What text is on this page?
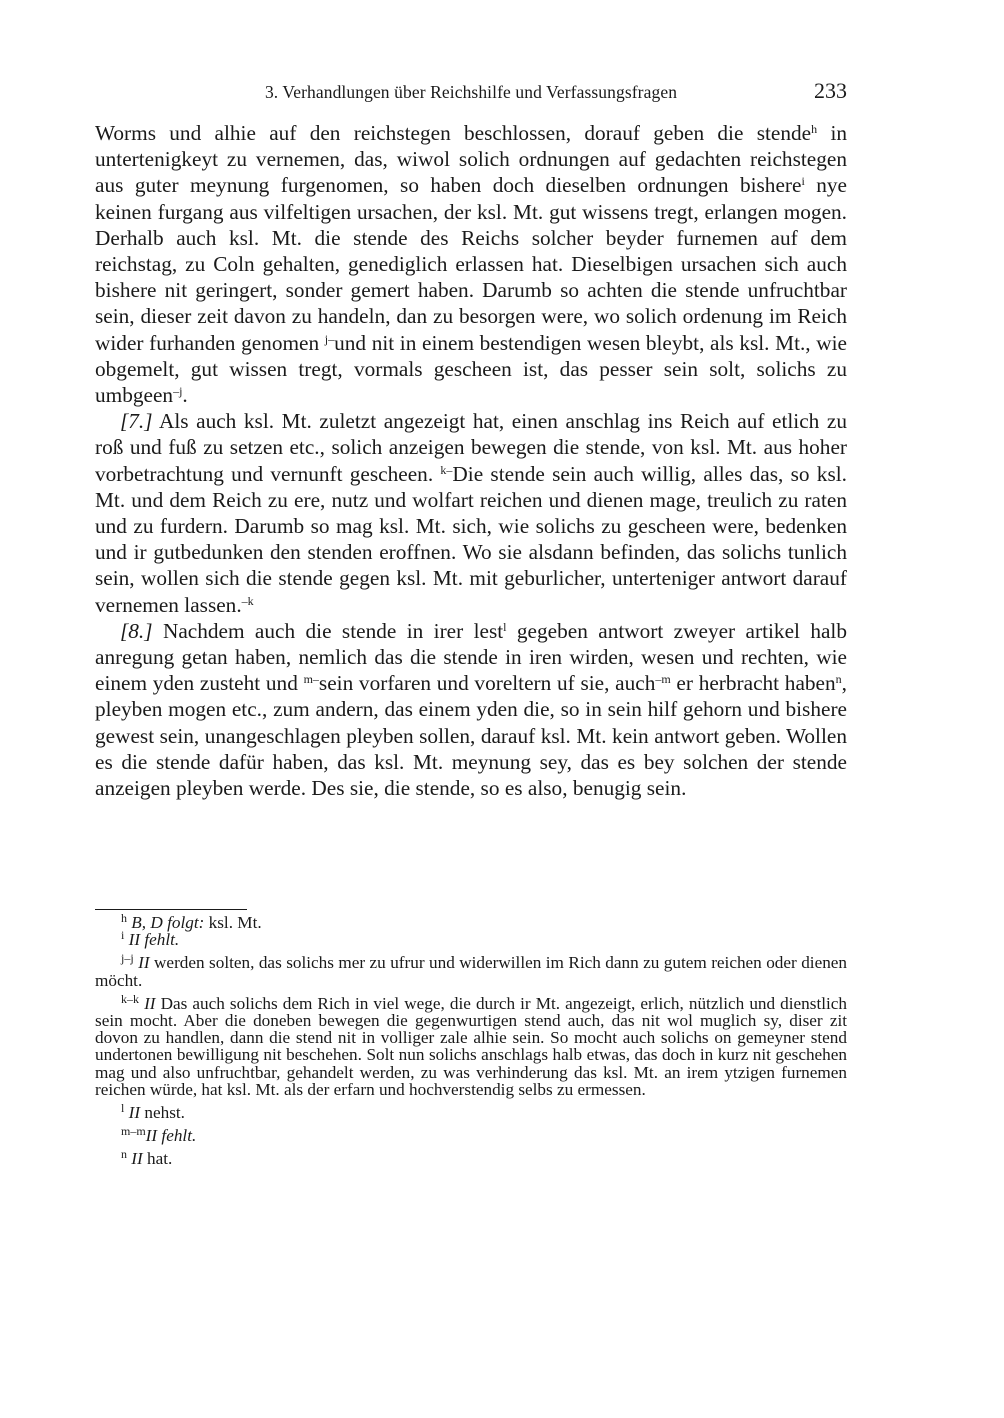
3. Verhandlungen über Reichshilfe und Verfassungsfragen	233

Worms und alhie auf den reichstegen beschlossen, dorauf geben die stende$^h$ in untertenigkeyt zu vernemen, das, wiwol solich ordnungen auf gedachten reichstegen aus guter meynung furgenomen, so haben doch dieselben ordnungen bishere$^i$ nye keinen furgang aus vilfeltigen ursachen, der ksl. Mt. gut wissens tregt, erlangen mogen. Derhalb auch ksl. Mt. die stende des Reichs solcher beyder furnemen auf dem reichstag, zu Coln gehalten, genediglich erlassen hat. Dieselbigen ursachen sich auch bishere nit geringert, sonder gemert haben. Darumb so achten die stende unfruchtbar sein, dieser zeit davon zu handeln, dan zu besorgen were, wo solich ordenung im Reich wider furhanden genomen $^{j-}$und nit in einem bestendigen wesen bleybt, als ksl. Mt., wie obgemelt, gut wissen tregt, vormals gescheen ist, das pesser sein solt, solichs zu umbgeen$^{-j}$.

[7.] Als auch ksl. Mt. zuletzt angezeigt hat, einen anschlag ins Reich auf etlich zu roß und fuß zu setzen etc., solich anzeigen bewegen die stende, von ksl. Mt. aus hoher vorbetrachtung und vernunft gescheen. $^{k-}$Die stende sein auch willig, alles das, so ksl. Mt. und dem Reich zu ere, nutz und wolfart reichen und dienen mage, treulich zu raten und zu furdern. Darumb so mag ksl. Mt. sich, wie solichs zu gescheen were, bedenken und ir gutbedunken den stenden eroffnen. Wo sie alsdann befinden, das solichs tunlich sein, wollen sich die stende gegen ksl. Mt. mit geburlicher, unterteniger antwort darauf vernemen lassen.$^{-k}$

[8.] Nachdem auch die stende in irer lest$^l$ gegeben antwort zweyer artikel halb anregung getan haben, nemlich das die stende in iren wirden, wesen und rechten, wie einem yden zusteht und $^{m-}$sein vorfaren und voreltern uf sie, auch$^{-m}$ er herbracht haben$^n$, pleyben mogen etc., zum andern, das einem yden die, so in sein hilf gehorn und bishere gewest sein, unangeschlagen pleyben sollen, darauf ksl. Mt. kein antwort geben. Wollen es die stende dafür haben, das ksl. Mt. meynung sey, das es bey solchen der stende anzeigen pleyben werde. Des sie, die stende, so es also, benugig sein.

$^h$ B, D folgt: ksl. Mt.

$^i$ II fehlt.

$^{j-j}$ II werden solten, das solichs mer zu ufrur und widerwillen im Rich dann zu gutem reichen oder dienen möcht.

$^{k-k}$ II Das auch solichs dem Rich in viel wege, die durch ir Mt. angezeigt, erlich, nützlich und dienstlich sein mocht. Aber die doneben bewegen die gegenwurtigen stend auch, das nit wol muglich sy, diser zit dovon zu handlen, dann die stend nit in volliger zale alhie sein. So mocht auch solichs on gemeyner stend undertonen bewilligung nit beschehen. Solt nun solichs anschlags halb etwas, das doch in kurz nit geschehen mag und also unfruchtbar, gehandelt werden, zu was verhinderung das ksl. Mt. an irem ytzigen furnemen reichen würde, hat ksl. Mt. als der erfarn und hochverstendig selbs zu ermessen.

$^l$ II nehst.

$^{m-m}$II fehlt.

$^n$ II hat.
